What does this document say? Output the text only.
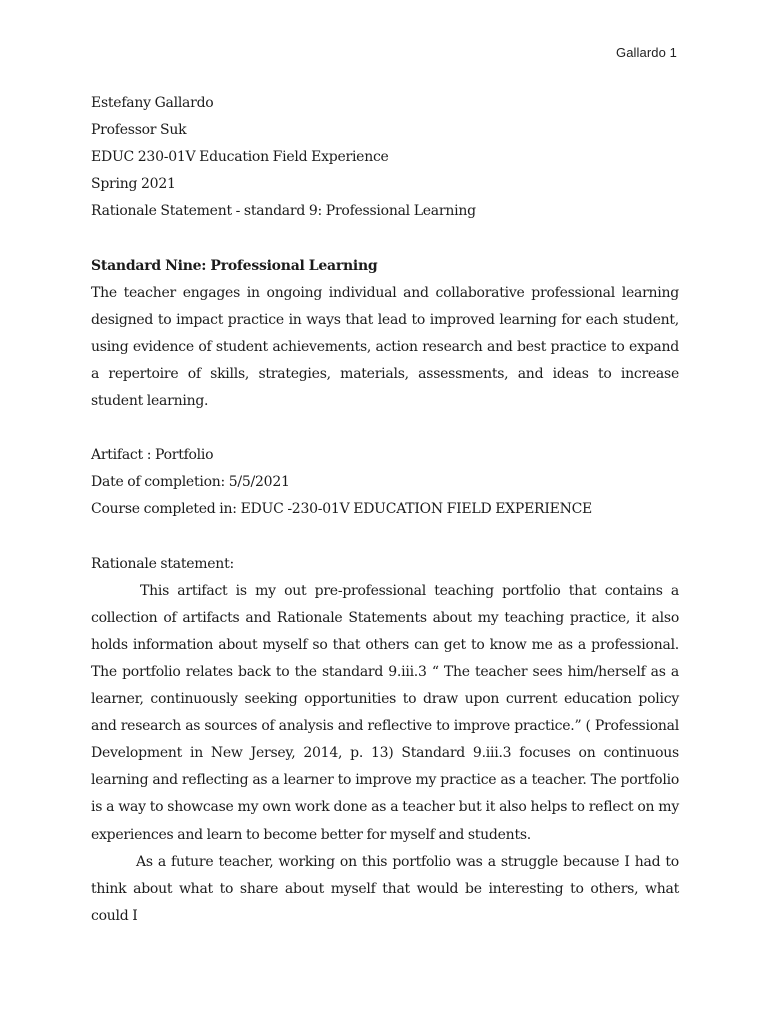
Gallardo 1
Estefany Gallardo
Professor Suk
EDUC 230-01V Education Field Experience
Spring 2021
Rationale Statement - standard 9: Professional Learning
Standard Nine: Professional Learning
The teacher engages in ongoing individual and collaborative professional learning designed to impact practice in ways that lead to improved learning for each student, using evidence of student achievements, action research and best practice to expand a repertoire of skills, strategies, materials, assessments, and ideas to increase student learning.
Artifact : Portfolio
Date of completion: 5/5/2021
Course completed in: EDUC -230-01V EDUCATION FIELD EXPERIENCE
Rationale statement:
This artifact is my out pre-professional teaching portfolio that contains a collection of artifacts and Rationale Statements about my teaching practice, it also holds information about myself so that others can get to know me as a professional. The portfolio relates back to the standard 9.iii.3 “ The teacher sees him/herself as a learner, continuously seeking opportunities to draw upon current education policy and research as sources of analysis and reflective to improve practice.” ( Professional Development in New Jersey, 2014, p. 13) Standard 9.iii.3 focuses on continuous learning and reflecting as a learner to improve my practice as a teacher. The portfolio is a way to showcase my own work done as a teacher but it also helps to reflect on my experiences and learn to become better for myself and students.
As a future teacher, working on this portfolio was a struggle because I had to think about what to share about myself that would be interesting to others, what could I
